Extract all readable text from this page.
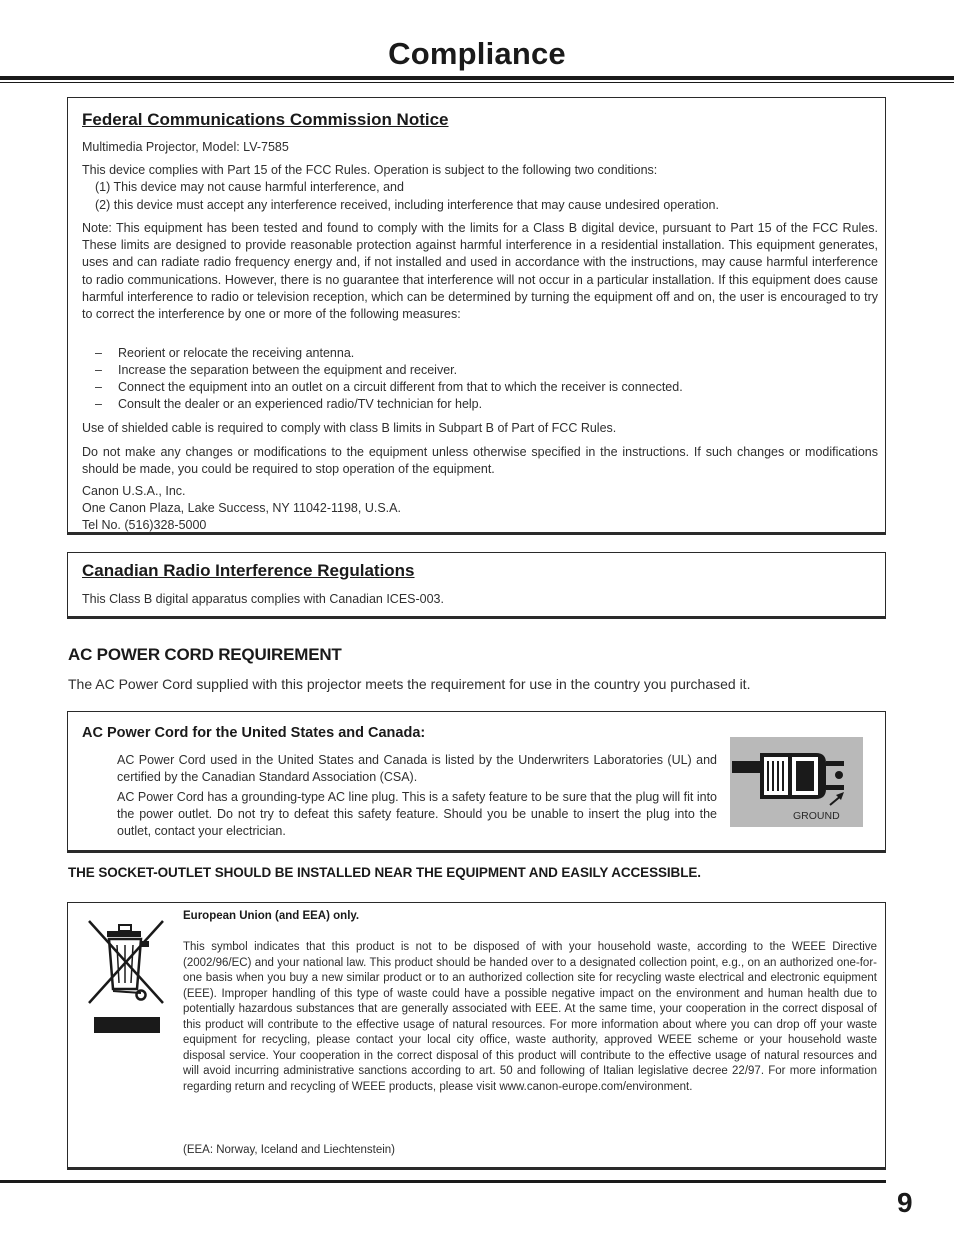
Compliance
Federal Communications Commission Notice
Multimedia Projector, Model: LV-7585
This device complies with Part 15 of the FCC Rules. Operation is subject to the following two conditions:
(1) This device may not cause harmful interference, and
(2) this device must accept any interference received, including interference that may cause undesired operation.
Note: This equipment has been tested and found to comply with the limits for a Class B digital device, pursuant to Part 15 of the FCC Rules. These limits are designed to provide reasonable protection against harmful interference in a residential installation. This equipment generates, uses and can radiate radio frequency energy and, if not installed and used in accordance with the instructions, may cause harmful interference to radio communications. However, there is no guarantee that interference will not occur in a particular installation. If this equipment does cause harmful interference to radio or television reception, which can be determined by turning the equipment off and on, the user is encouraged to try to correct the interference by one or more of the following measures:
– Reorient or relocate the receiving antenna.
– Increase the separation between the equipment and receiver.
– Connect the equipment into an outlet on a circuit different from that to which the receiver is connected.
– Consult the dealer or an experienced radio/TV technician for help.
Use of shielded cable is required to comply with class B limits in Subpart B of Part of FCC Rules.
Do not make any changes or modifications to the equipment unless otherwise specified in the instructions. If such changes or modifications should be made, you could be required to stop operation of the equipment.
Canon U.S.A., Inc.
One Canon Plaza, Lake Success, NY 11042-1198, U.S.A.
Tel No. (516)328-5000
Canadian Radio Interference Regulations
This Class B digital apparatus complies with Canadian ICES-003.
AC POWER CORD REQUIREMENT
The AC Power Cord supplied with this projector meets the requirement for use in the country you purchased it.
AC Power Cord for the United States and Canada:
AC Power Cord used in the United States and Canada is listed by the Underwriters Laboratories (UL) and certified by the Canadian Standard Association (CSA).
AC Power Cord has a grounding-type AC line plug. This is a safety feature to be sure that the plug will fit into the power outlet. Do not try to defeat this safety feature. Should you be unable to insert the plug into the outlet, contact your electrician.
GROUND
THE SOCKET-OUTLET SHOULD BE INSTALLED NEAR THE EQUIPMENT AND EASILY ACCESSIBLE.
European Union (and EEA) only.
This symbol indicates that this product is not to be disposed of with your household waste, according to the WEEE Directive (2002/96/EC) and your national law. This product should be handed over to a designated collection point, e.g., on an authorized one-for-one basis when you buy a new similar product or to an authorized collection site for recycling waste electrical and electronic equipment (EEE). Improper handling of this type of waste could have a possible negative impact on the environment and human health due to potentially hazardous substances that are generally associated with EEE. At the same time, your cooperation in the correct disposal of this product will contribute to the effective usage of natural resources. For more information about where you can drop off your waste equipment for recycling, please contact your local city office, waste authority, approved WEEE scheme or your household waste disposal service. Your cooperation in the correct disposal of this product will contribute to the effective usage of natural resources and will avoid incurring administrative sanctions according to art. 50 and following of Italian legislative decree 22/97. For more information regarding return and recycling of WEEE products, please visit www.canon-europe.com/environment.
(EEA: Norway, Iceland and Liechtenstein)
9
